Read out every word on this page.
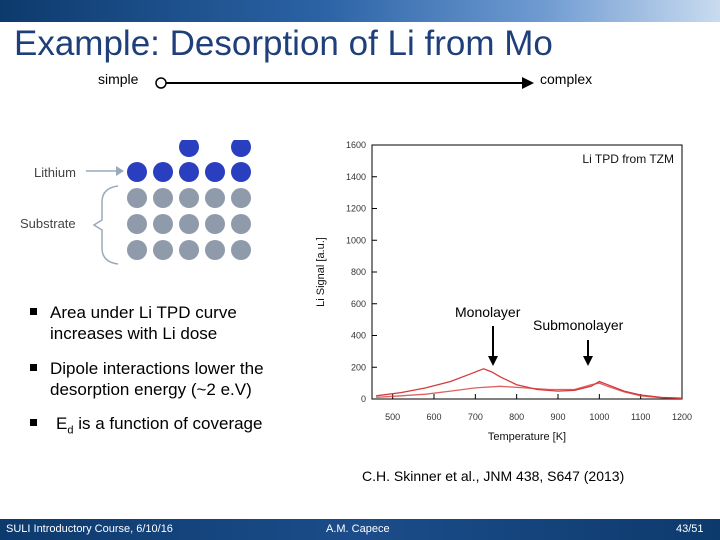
Example: Desorption of Li from Mo
simple	complex
Lithium
Substrate
Area under Li TPD curve increases with Li dose
Dipole interactions lower the desorption energy (~2 e.V)
$E_d$ is a function of coverage
0
200
400
600
800
1000
1200
1400
1600
500	600	700	800	900	1000 1100 1200
Li TPD from TZM
Temperature [K]
Li Signal [a.u.]
Monolayer
Submonolayer
C.H. Skinner et al., JNM 438, S647 (2013)
SULI Introductory Course, 6/10/16	A.M. Capece	43/51
